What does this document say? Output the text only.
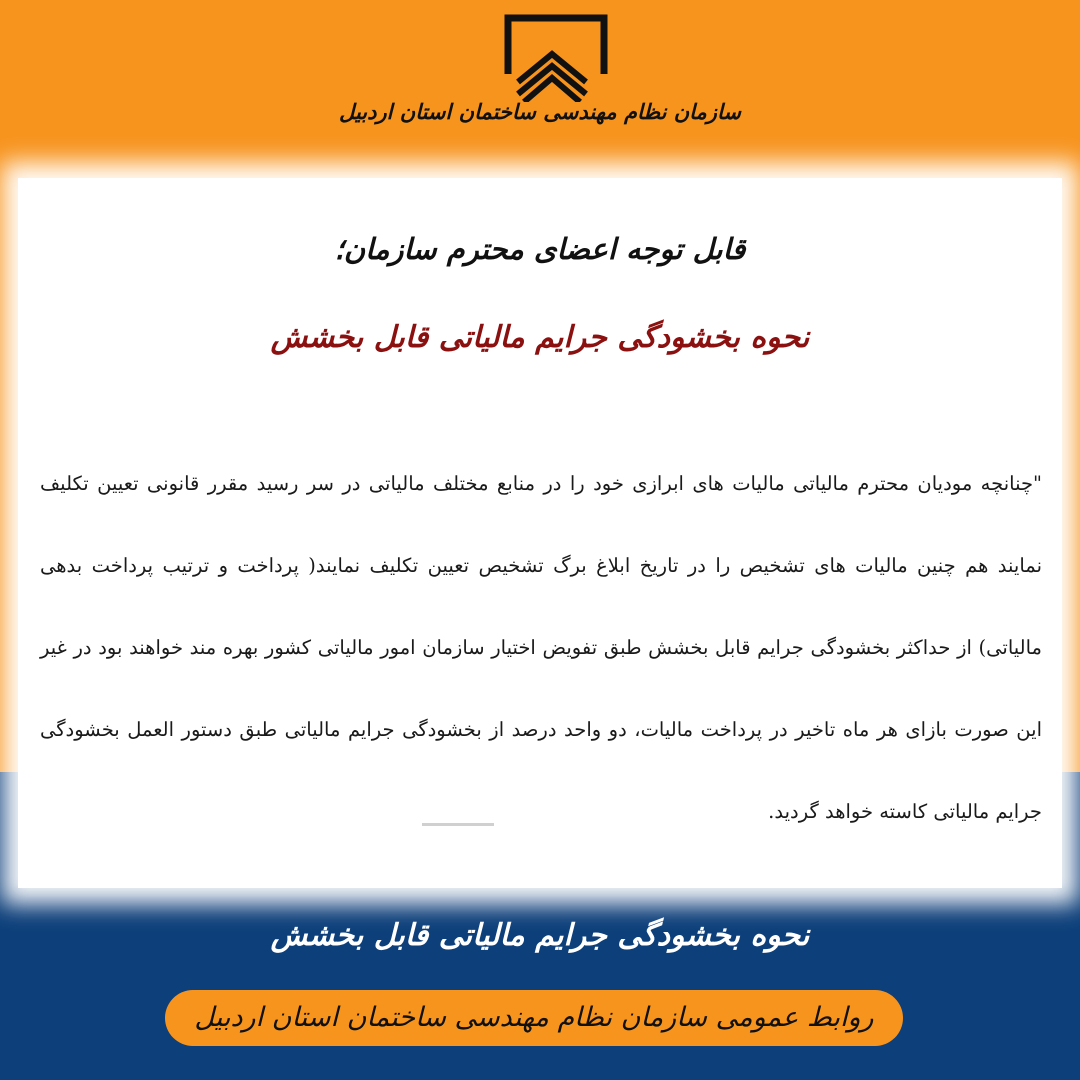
سازمان نظام مهندسی ساختمان استان اردبیل
قابل توجه اعضای محترم سازمان؛
نحوه بخشودگی جرایم مالیاتی قابل بخشش
"چنانچه مودیان محترم مالیاتی مالیات های ابرازی خود را در منابع مختلف مالیاتی در سر رسید مقرر قانونی تعیین تکلیف نمایند هم چنین مالیات های تشخیص را در تاریخ ابلاغ برگ تشخیص تعیین تکلیف نمایند( پرداخت و ترتیب پرداخت بدهی مالیاتی) از حداکثر بخشودگی جرایم قابل بخشش طبق تفویض اختیار سازمان امور مالیاتی کشور بهره مند خواهند بود در غیر این صورت بازای هر ماه تاخیر در پرداخت مالیات، دو واحد درصد از بخشودگی جرایم مالیاتی طبق دستور العمل بخشودگی جرایم مالیاتی کاسته خواهد گردید.
نحوه بخشودگی جرایم مالیاتی قابل بخشش
روابط عمومی سازمان نظام مهندسی ساختمان استان اردبیل
